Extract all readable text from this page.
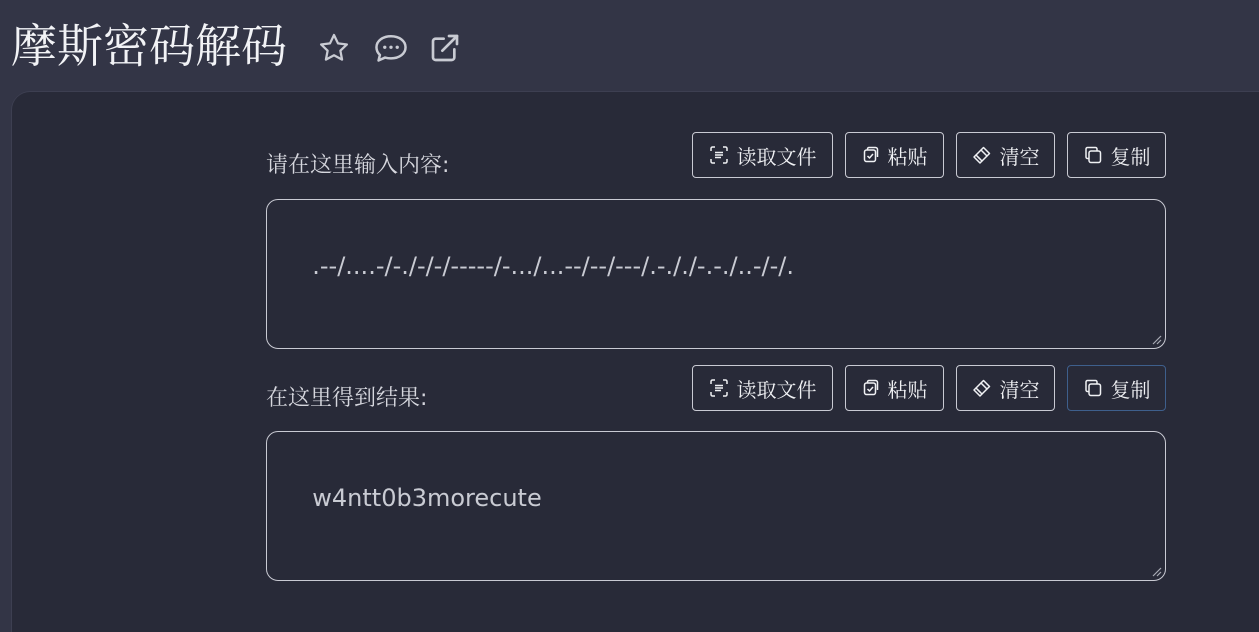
摩斯密码解码
请在这里输入内容:	读取文件	粘贴	清空	复制

.--/....-/-./-/-/-----/-.../...--/--/---/.-././-.-./..-/-/.

在这里得到结果:	读取文件	粘贴	清空	复制

w4ntt0b3morecute
